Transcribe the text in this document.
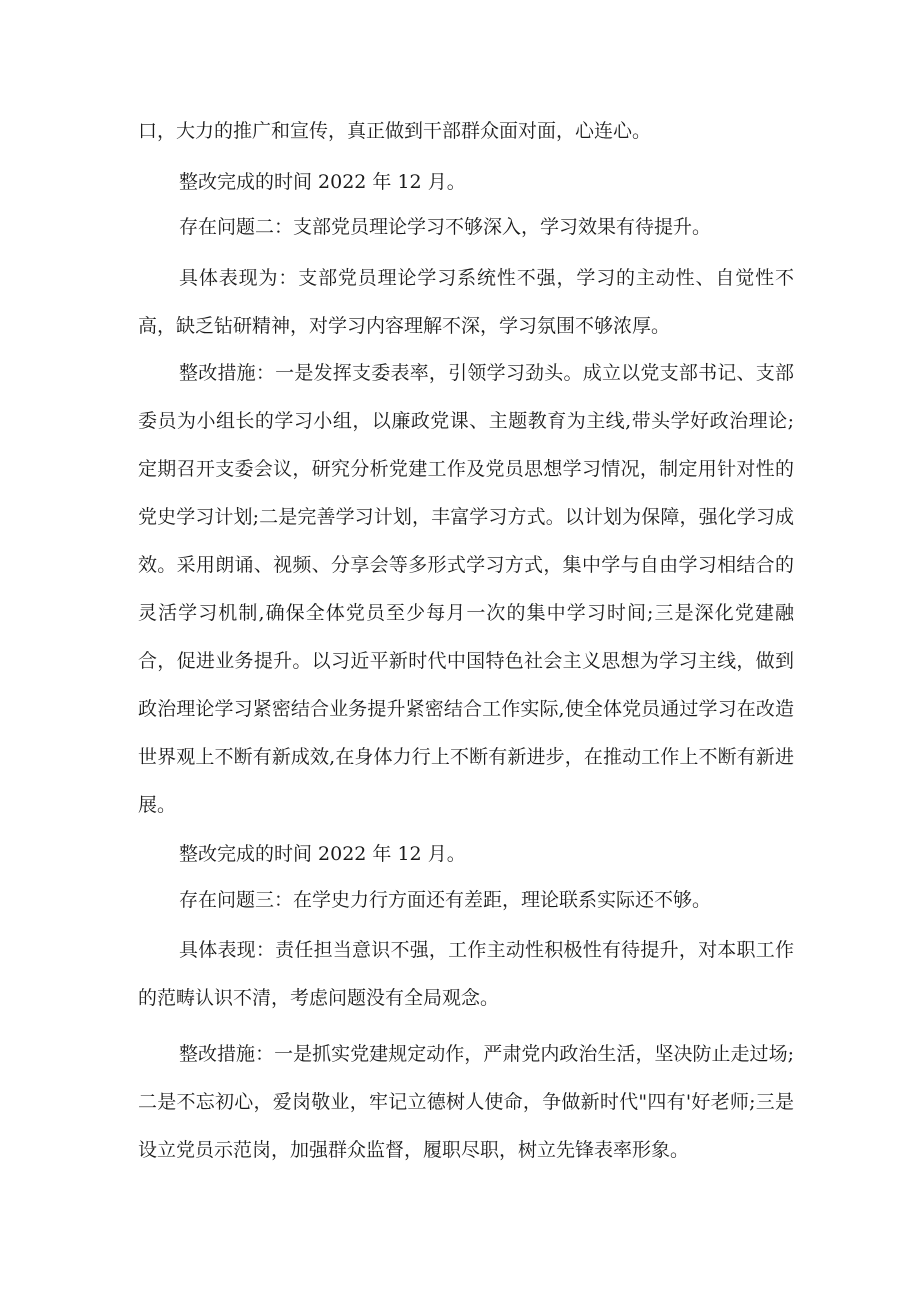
口，大力的推广和宣传，真正做到干部群众面对面，心连心。

整改完成的时间 2022 年 12 月。

存在问题二：支部党员理论学习不够深入，学习效果有待提升。

具体表现为：支部党员理论学习系统性不强，学习的主动性、自觉性不高，缺乏钻研精神，对学习内容理解不深，学习氛围不够浓厚。

整改措施：一是发挥支委表率，引领学习劲头。成立以党支部书记、支部委员为小组长的学习小组，以廉政党课、主题教育为主线,带头学好政治理论;定期召开支委会议，研究分析党建工作及党员思想学习情况，制定用针对性的党史学习计划;二是完善学习计划，丰富学习方式。以计划为保障，强化学习成效。采用朗诵、视频、分享会等多形式学习方式，集中学与自由学习相结合的灵活学习机制,确保全体党员至少每月一次的集中学习时间;三是深化党建融合，促进业务提升。以习近平新时代中国特色社会主义思想为学习主线，做到政治理论学习紧密结合业务提升紧密结合工作实际,使全体党员通过学习在改造世界观上不断有新成效,在身体力行上不断有新进步，在推动工作上不断有新进展。

整改完成的时间 2022 年 12 月。

存在问题三：在学史力行方面还有差距，理论联系实际还不够。

具体表现：责任担当意识不强，工作主动性积极性有待提升，对本职工作的范畴认识不清，考虑问题没有全局观念。

整改措施：一是抓实党建规定动作，严肃党内政治生活，坚决防止走过场;二是不忘初心，爱岗敬业，牢记立德树人使命，争做新时代"四有'好老师;三是设立党员示范岗，加强群众监督，履职尽职，树立先锋表率形象。
